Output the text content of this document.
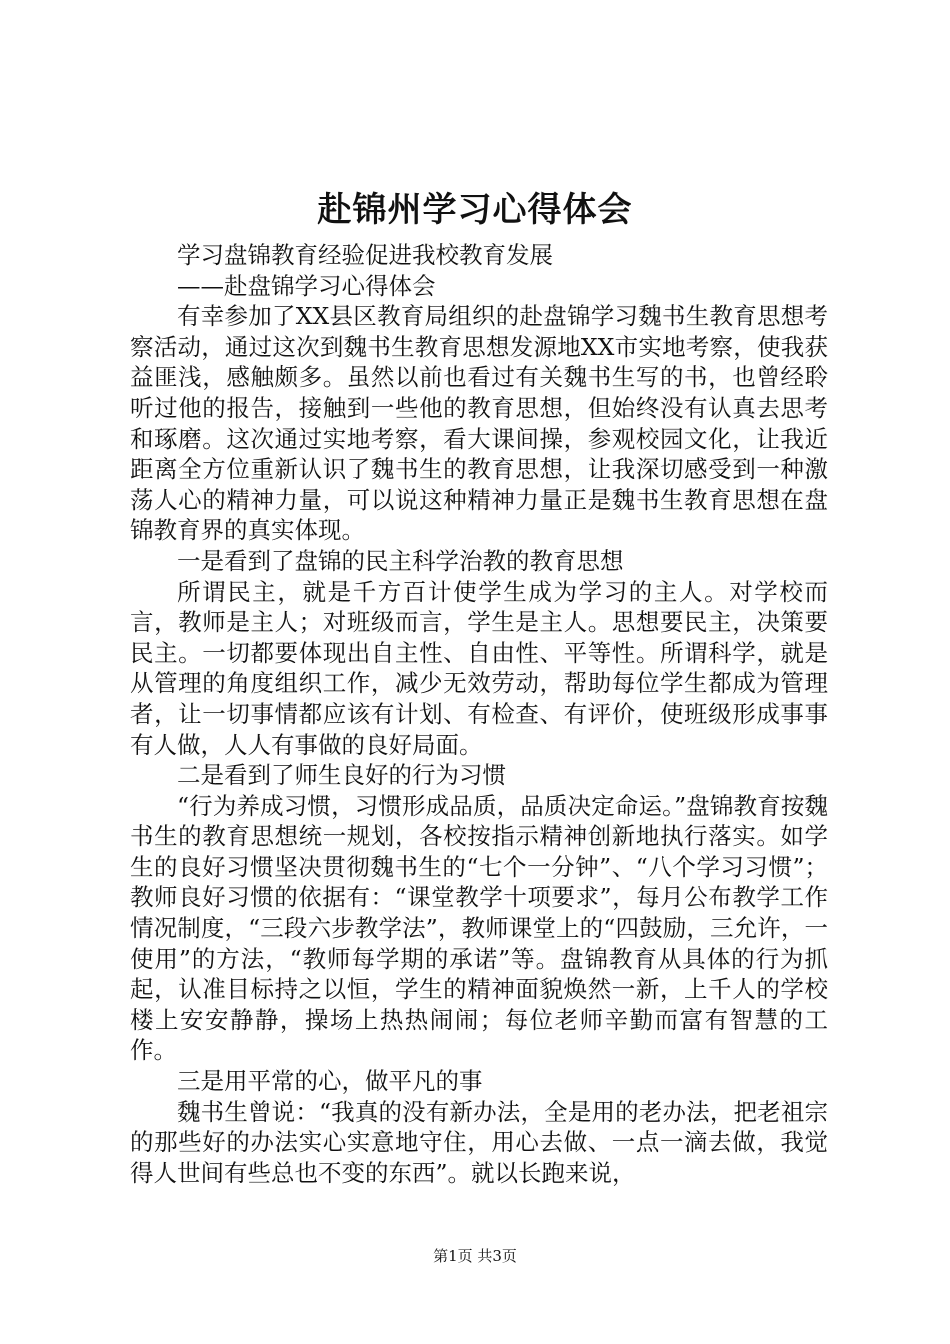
赴锦州学习心得体会

学习盘锦教育经验促进我校教育发展

——赴盘锦学习心得体会

有幸参加了XX县区教育局组织的赴盘锦学习魏书生教育思想考察活动，通过这次到魏书生教育思想发源地XX市实地考察，使我获益匪浅，感触颇多。虽然以前也看过有关魏书生写的书，也曾经聆听过他的报告，接触到一些他的教育思想，但始终没有认真去思考和琢磨。这次通过实地考察，看大课间操，参观校园文化，让我近距离全方位重新认识了魏书生的教育思想，让我深切感受到一种激荡人心的精神力量，可以说这种精神力量正是魏书生教育思想在盘锦教育界的真实体现。

一是看到了盘锦的民主科学治教的教育思想

所谓民主，就是千方百计使学生成为学习的主人。对学校而言，教师是主人；对班级而言，学生是主人。思想要民主，决策要民主。一切都要体现出自主性、自由性、平等性。所谓科学，就是从管理的角度组织工作，减少无效劳动，帮助每位学生都成为管理者，让一切事情都应该有计划、有检查、有评价，使班级形成事事有人做，人人有事做的良好局面。

二是看到了师生良好的行为习惯

“行为养成习惯，习惯形成品质，品质决定命运。”盘锦教育按魏书生的教育思想统一规划，各校按指示精神创新地执行落实。如学生的良好习惯坚决贯彻魏书生的“七个一分钟”、“八个学习习惯”；教师良好习惯的依据有：“课堂教学十项要求”，每月公布教学工作情况制度，“三段六步教学法”，教师课堂上的“四鼓励，三允许，一使用”的方法，“教师每学期的承诺”等。盘锦教育从具体的行为抓起，认准目标持之以恒，学生的精神面貌焕然一新，上千人的学校楼上安安静静，操场上热热闹闹；每位老师辛勤而富有智慧的工作。

三是用平常的心，做平凡的事

魏书生曾说：“我真的没有新办法，全是用的老办法，把老祖宗的那些好的办法实心实意地守住，用心去做、一点一滴去做，我觉得人世间有些总也不变的东西”。就以长跑来说，

第1页 共3页
